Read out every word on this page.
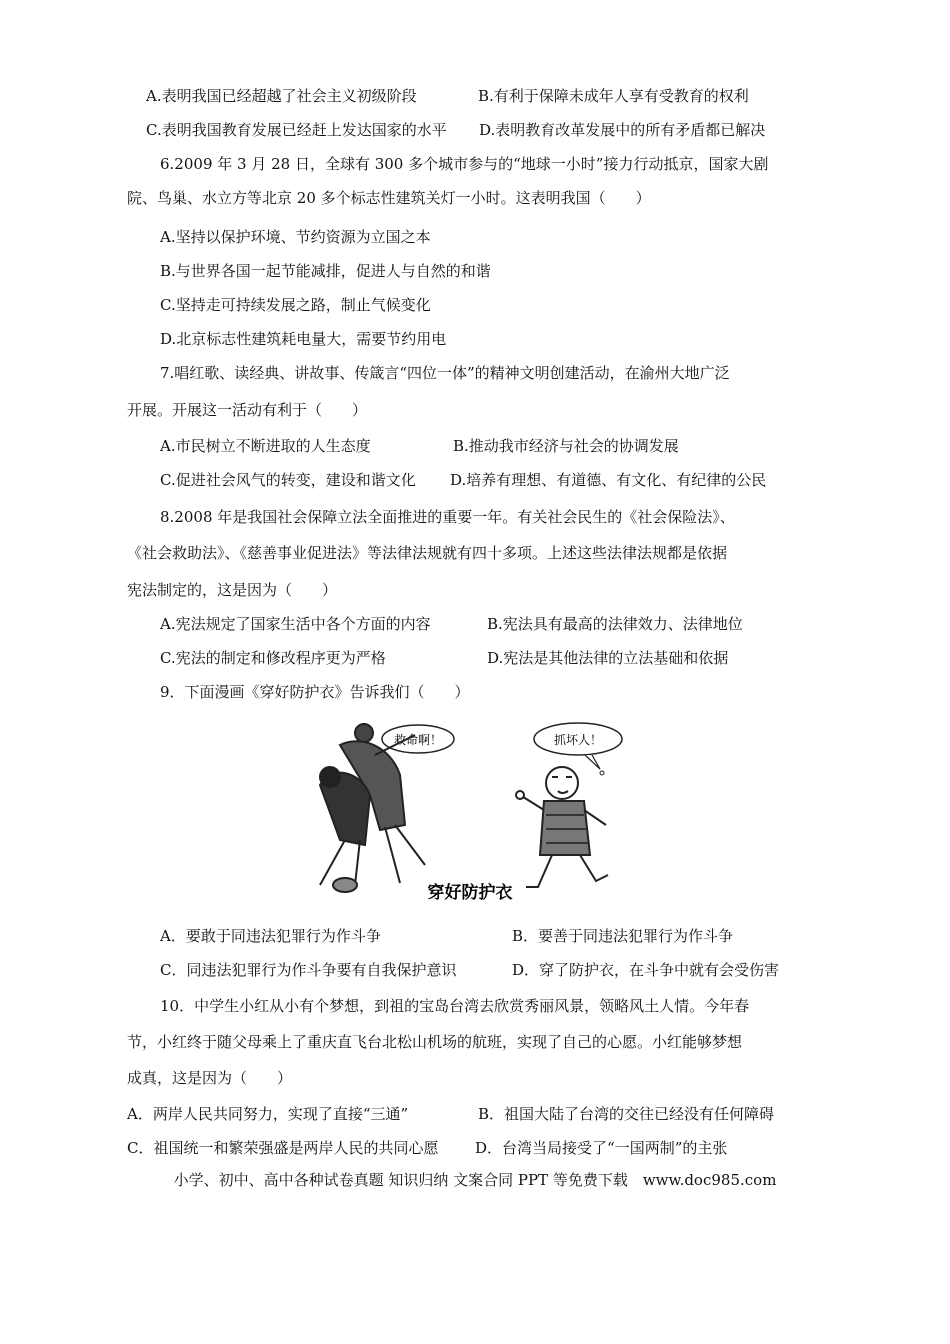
A.表明我国已经超越了社会主义初级阶段	B.有利于保障未成年人享有受教育的权利
C.表明我国教育发展已经赶上发达国家的水平 D.表明教育改革发展中的所有矛盾都已解决
6.2009 年 3 月 28 日，全球有 300 多个城市参与的“地球一小时”接力行动抵京，国家大剧
院、鸟巢、水立方等北京 20 多个标志性建筑关灯一小时。这表明我国（　　）
A.坚持以保护环境、节约资源为立国之本
B.与世界各国一起节能减排，促进人与自然的和谐
C.坚持走可持续发展之路，制止气候变化
D.北京标志性建筑耗电量大，需要节约用电
7.唱红歌、读经典、讲故事、传箴言“四位一体”的精神文明创建活动，在渝州大地广泛
开展。开展这一活动有利于（　　）
A.市民树立不断进取的人生态度	B.推动我市经济与社会的协调发展
C.促进社会风气的转变，建设和谐文化 D.培养有理想、有道德、有文化、有纪律的公民
8.2008 年是我国社会保障立法全面推进的重要一年。有关社会民生的《社会保险法》、
《社会救助法》、《慈善事业促进法》等法律法规就有四十多项。上述这些法律法规都是依据
宪法制定的，这是因为（　　）
A.宪法规定了国家生活中各个方面的内容	B.宪法具有最高的法律效力、法律地位
C.宪法的制定和修改程序更为严格	D.宪法是其他法律的立法基础和依据
9．下面漫画《穿好防护衣》告诉我们（　　）
救命啊！	抓坏人！
穿好防护衣
A．要敢于同违法犯罪行为作斗争	B．要善于同违法犯罪行为作斗争
C．同违法犯罪行为作斗争要有自我保护意识	D．穿了防护衣，在斗争中就有会受伤害
10．中学生小红从小有个梦想，到祖的宝岛台湾去欣赏秀丽风景，领略风土人情。今年春
节，小红终于随父母乘上了重庆直飞台北松山机场的航班，实现了自己的心愿。小红能够梦想
成真，这是因为（　　）
A．两岸人民共同努力，实现了直接“三通”	B．祖国大陆了台湾的交往已经没有任何障碍
C．祖国统一和繁荣强盛是两岸人民的共同心愿 D．台湾当局接受了“一国两制”的主张
小学、初中、高中各种试卷真题 知识归纳 文案合同 PPT 等免费下载　www.doc985.com
